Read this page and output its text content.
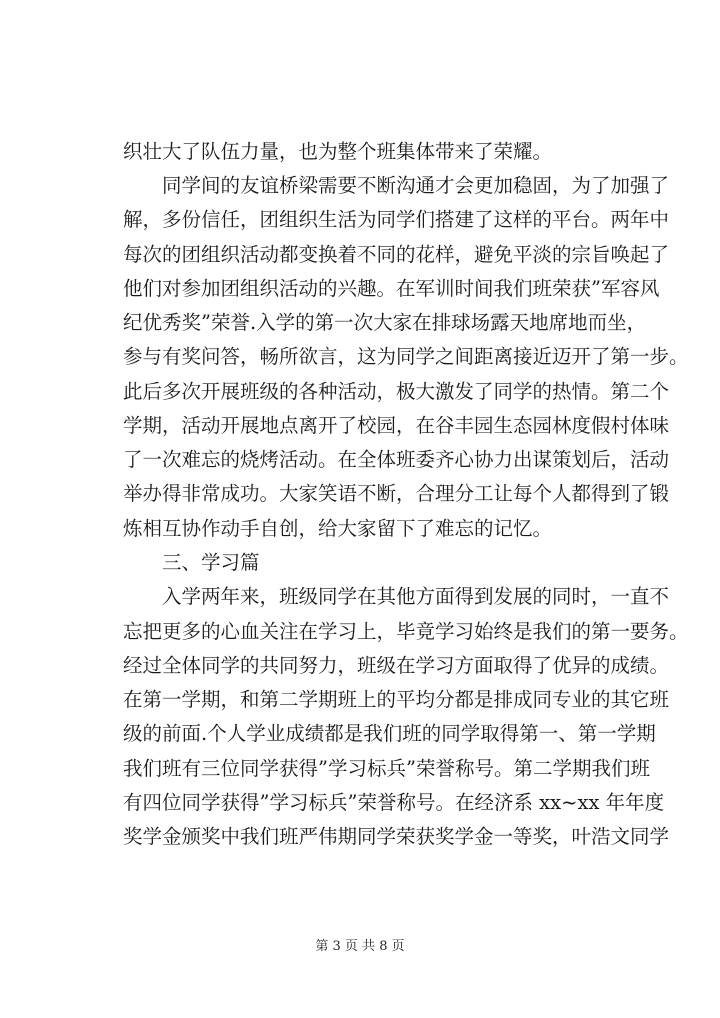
织壮大了队伍力量，也为整个班集体带来了荣耀。
同学间的友谊桥梁需要不断沟通才会更加稳固，为了加强了
解，多份信任，团组织生活为同学们搭建了这样的平台。两年中
每次的团组织活动都变换着不同的花样，避免平淡的宗旨唤起了
他们对参加团组织活动的兴趣。在军训时间我们班荣获”军容风
纪优秀奖”荣誉.入学的第一次大家在排球场露天地席地而坐，
参与有奖问答，畅所欲言，这为同学之间距离接近迈开了第一步。
此后多次开展班级的各种活动，极大激发了同学的热情。第二个
学期，活动开展地点离开了校园，在谷丰园生态园林度假村体味
了一次难忘的烧烤活动。在全体班委齐心协力出谋策划后，活动
举办得非常成功。大家笑语不断，合理分工让每个人都得到了锻
炼相互协作动手自创，给大家留下了难忘的记忆。
三、学习篇
入学两年来，班级同学在其他方面得到发展的同时，一直不
忘把更多的心血关注在学习上，毕竟学习始终是我们的第一要务。
经过全体同学的共同努力，班级在学习方面取得了优异的成绩。
在第一学期，和第二学期班上的平均分都是排成同专业的其它班
级的前面.个人学业成绩都是我们班的同学取得第一、第一学期
我们班有三位同学获得”学习标兵”荣誉称号。第二学期我们班
有四位同学获得”学习标兵”荣誉称号。在经济系 xx~xx 年年度
奖学金颁奖中我们班严伟期同学荣获奖学金一等奖，叶浩文同学
第 3 页 共 8 页
